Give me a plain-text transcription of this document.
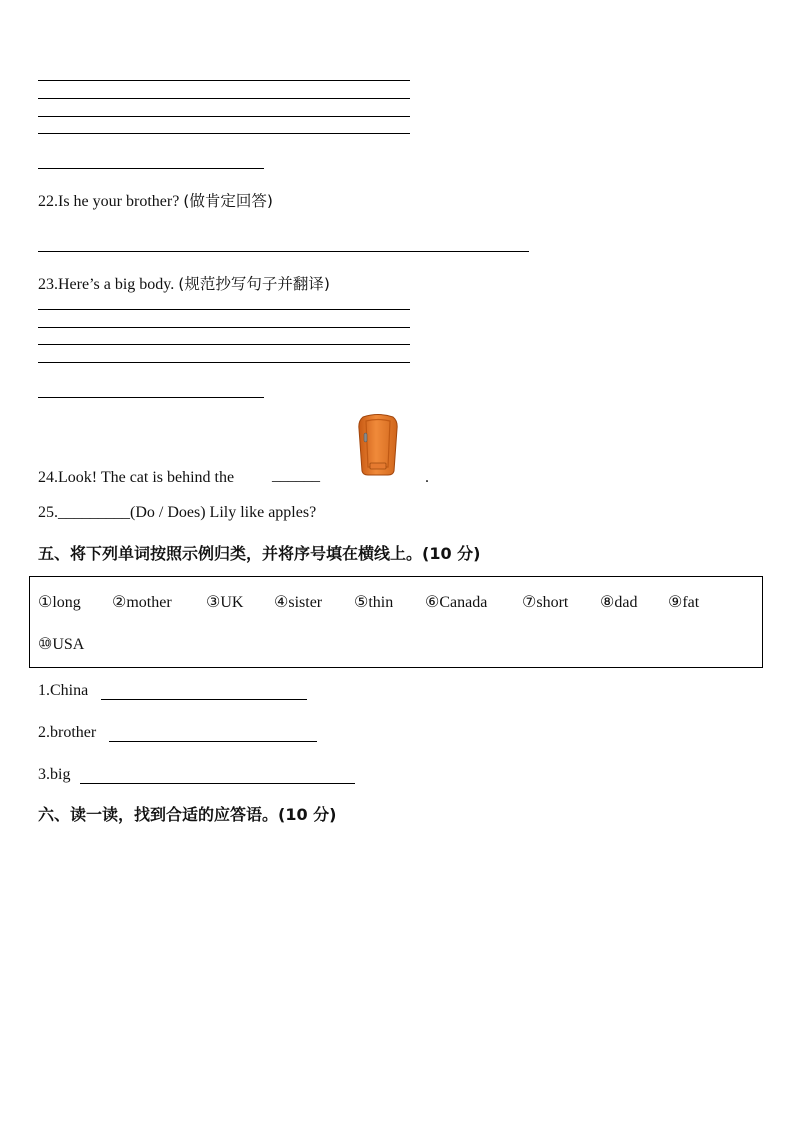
22.Is he your brother? (做肯定回答)
23.Here’s a big body. (规范抄写句子并翻译)
24.Look! The cat is behind the ______	.
25._________(Do / Does) Lily like apples?
五、将下列单词按照示例归类，并将序号填在横线上。(10 分)
①long ②mother ③UK ④sister ⑤thin ⑥Canada ⑦short ⑧dad ⑨fat
⑩USA
1.China
2.brother
3.big
六、读一读，找到合适的应答语。(10 分)
